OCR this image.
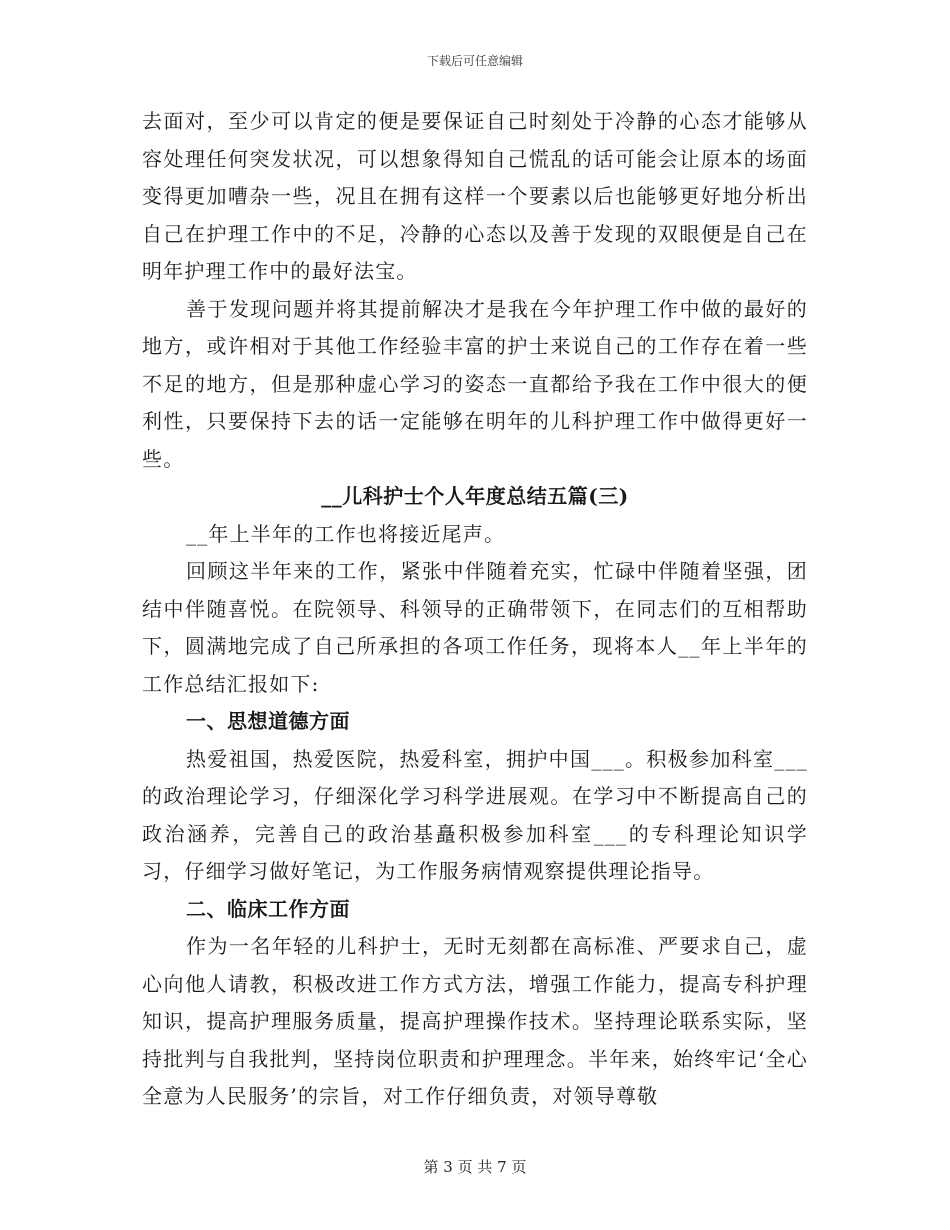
下载后可任意编辑

去面对，至少可以肯定的便是要保证自己时刻处于冷静的心态才能够从容处理任何突发状况，可以想象得知自己慌乱的话可能会让原本的场面变得更加嘈杂一些，况且在拥有这样一个要素以后也能够更好地分析出自己在护理工作中的不足，冷静的心态以及善于发现的双眼便是自己在明年护理工作中的最好法宝。

善于发现问题并将其提前解决才是我在今年护理工作中做的最好的地方，或许相对于其他工作经验丰富的护士来说自己的工作存在着一些不足的地方，但是那种虚心学习的姿态一直都给予我在工作中很大的便利性，只要保持下去的话一定能够在明年的儿科护理工作中做得更好一些。

__儿科护士个人年度总结五篇(三)

__年上半年的工作也将接近尾声。

回顾这半年来的工作，紧张中伴随着充实，忙碌中伴随着坚强，团结中伴随喜悦。在院领导、科领导的正确带领下，在同志们的互相帮助下，圆满地完成了自己所承担的各项工作任务，现将本人__年上半年的工作总结汇报如下:

一、思想道德方面

热爱祖国，热爱医院，热爱科室，拥护中国___。积极参加科室___的政治理论学习，仔细深化学习科学进展观。在学习中不断提高自己的政治涵养，完善自己的政治基矗积极参加科室___的专科理论知识学习，仔细学习做好笔记，为工作服务病情观察提供理论指导。

二、临床工作方面

作为一名年轻的儿科护士，无时无刻都在高标准、严要求自己，虚心向他人请教，积极改进工作方式方法，增强工作能力，提高专科护理知识，提高护理服务质量，提高护理操作技术。坚持理论联系实际，坚持批判与自我批判，坚持岗位职责和护理理念。半年来，始终牢记‘全心全意为人民服务’的宗旨，对工作仔细负责，对领导尊敬

第 3 页 共 7 页
